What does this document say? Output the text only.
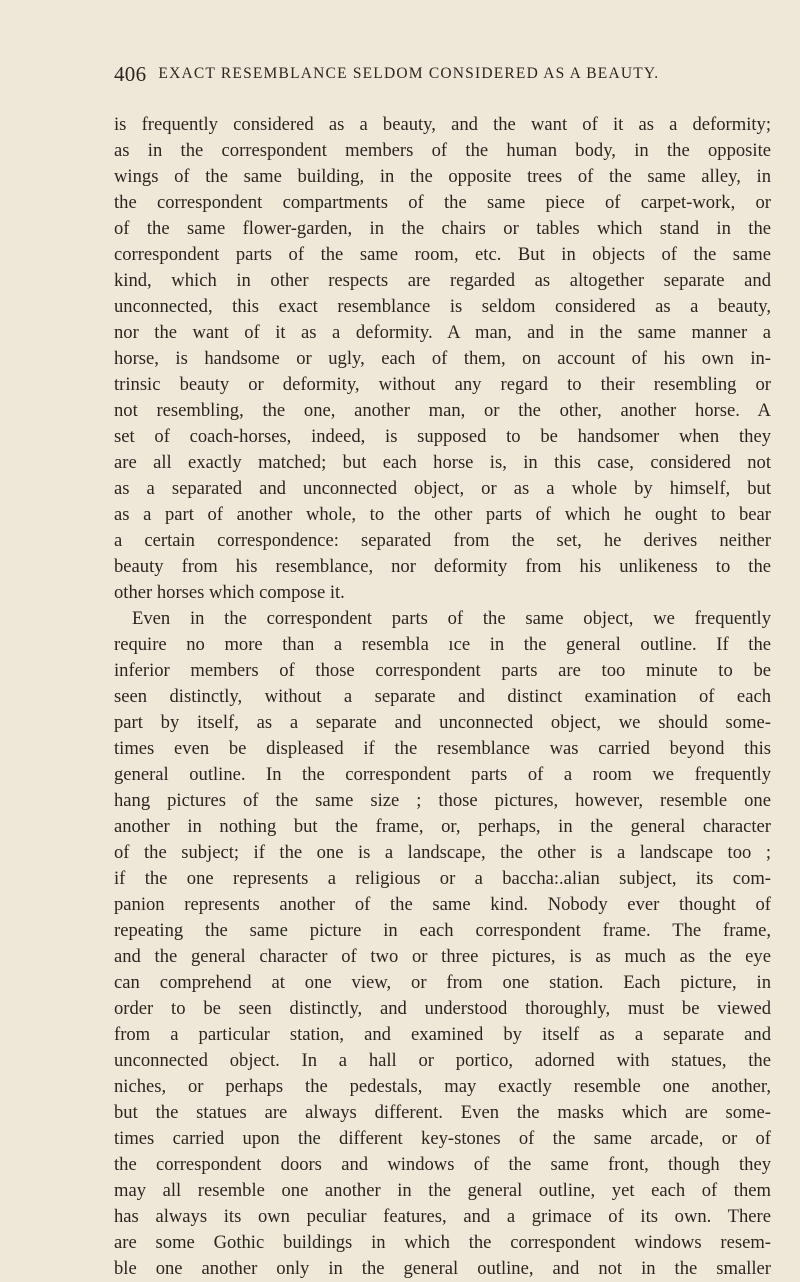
406 EXACT RESEMBLANCE SELDOM CONSIDERED AS A BEAUTY.
is frequently considered as a beauty, and the want of it as a deformity;
as in the correspondent members of the human body, in the opposite
wings of the same building, in the opposite trees of the same alley, in
the correspondent compartments of the same piece of carpet-work, or
of the same flower-garden, in the chairs or tables which stand in the
correspondent parts of the same room, etc. But in objects of the same
kind, which in other respects are regarded as altogether separate and
unconnected, this exact resemblance is seldom considered as a beauty,
nor the want of it as a deformity. A man, and in the same manner a
horse, is handsome or ugly, each of them, on account of his own in-
trinsic beauty or deformity, without any regard to their resembling or
not resembling, the one, another man, or the other, another horse. A
set of coach-horses, indeed, is supposed to be handsomer when they
are all exactly matched; but each horse is, in this case, considered not
as a separated and unconnected object, or as a whole by himself, but
as a part of another whole, to the other parts of which he ought to bear
a certain correspondence: separated from the set, he derives neither
beauty from his resemblance, nor deformity from his unlikeness to the
other horses which compose it.
Even in the correspondent parts of the same object, we frequently
require no more than a resembla ıce in the general outline. If the
inferior members of those correspondent parts are too minute to be
seen distinctly, without a separate and distinct examination of each
part by itself, as a separate and unconnected object, we should some-
times even be displeased if the resemblance was carried beyond this
general outline. In the correspondent parts of a room we frequently
hang pictures of the same size ; those pictures, however, resemble one
another in nothing but the frame, or, perhaps, in the general character
of the subject; if the one is a landscape, the other is a landscape too ;
if the one represents a religious or a baccha:.alian subject, its com-
panion represents another of the same kind. Nobody ever thought of
repeating the same picture in each correspondent frame. The frame,
and the general character of two or three pictures, is as much as the eye
can comprehend at one view, or from one station. Each picture, in
order to be seen distinctly, and understood thoroughly, must be viewed
from a particular station, and examined by itself as a separate and
unconnected object. In a hall or portico, adorned with statues, the
niches, or perhaps the pedestals, may exactly resemble one another,
but the statues are always different. Even the masks which are some-
times carried upon the different key-stones of the same arcade, or of
the correspondent doors and windows of the same front, though they
may all resemble one another in the general outline, yet each of them
has always its own peculiar features, and a grimace of its own. There
are some Gothic buildings in which the correspondent windows resem-
ble one another only in the general outline, and not in the smaller
